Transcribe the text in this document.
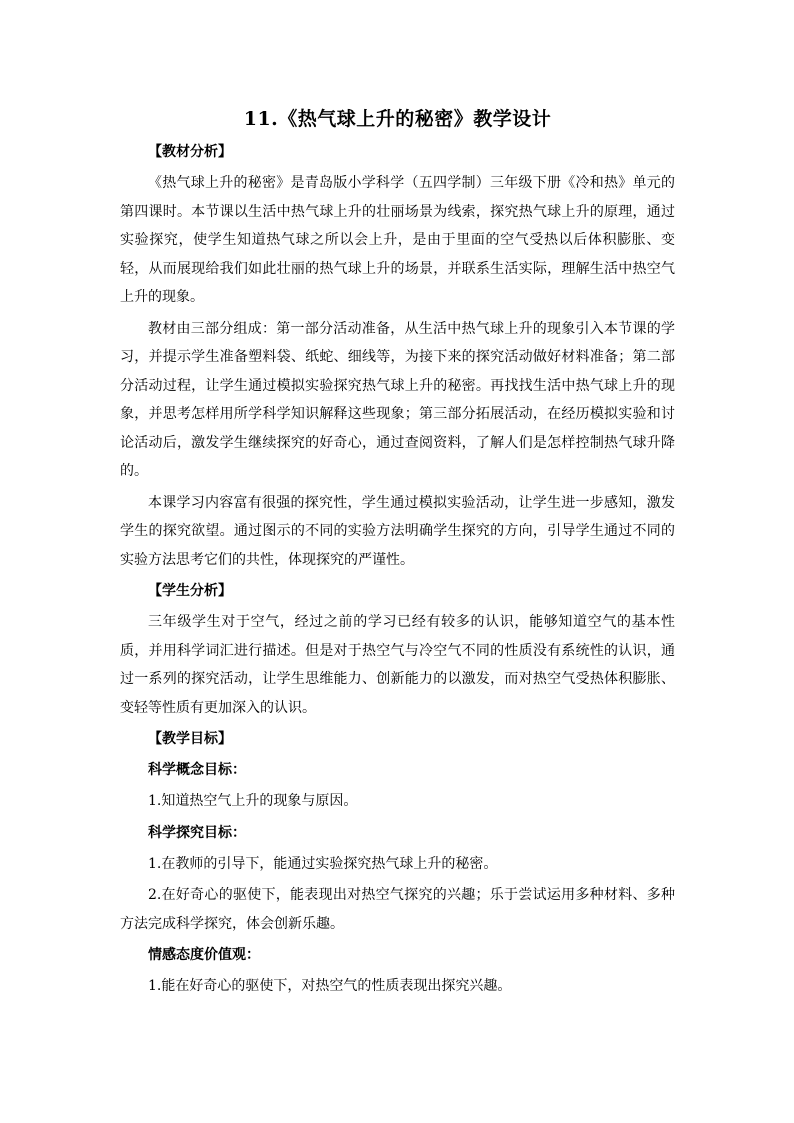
11.《热气球上升的秘密》教学设计
【教材分析】

《热气球上升的秘密》是青岛版小学科学（五四学制）三年级下册《冷和热》单元的第四课时。本节课以生活中热气球上升的壮丽场景为线索，探究热气球上升的原理，通过实验探究，使学生知道热气球之所以会上升，是由于里面的空气受热以后体积膨胀、变轻，从而展现给我们如此壮丽的热气球上升的场景，并联系生活实际，理解生活中热空气上升的现象。

教材由三部分组成：第一部分活动准备，从生活中热气球上升的现象引入本节课的学习，并提示学生准备塑料袋、纸蛇、细线等，为接下来的探究活动做好材料准备；第二部分活动过程，让学生通过模拟实验探究热气球上升的秘密。再找找生活中热气球上升的现象，并思考怎样用所学科学知识解释这些现象；第三部分拓展活动，在经历模拟实验和讨论活动后，激发学生继续探究的好奇心，通过查阅资料，了解人们是怎样控制热气球升降的。

本课学习内容富有很强的探究性，学生通过模拟实验活动，让学生进一步感知，激发学生的探究欲望。通过图示的不同的实验方法明确学生探究的方向，引导学生通过不同的实验方法思考它们的共性，体现探究的严谨性。

【学生分析】

三年级学生对于空气，经过之前的学习已经有较多的认识，能够知道空气的基本性质，并用科学词汇进行描述。但是对于热空气与冷空气不同的性质没有系统性的认识，通过一系列的探究活动，让学生思维能力、创新能力的以激发，而对热空气受热体积膨胀、变轻等性质有更加深入的认识。

【教学目标】
科学概念目标：

1.知道热空气上升的现象与原因。

科学探究目标：

1.在教师的引导下，能通过实验探究热气球上升的秘密。

2.在好奇心的驱使下，能表现出对热空气探究的兴趣；乐于尝试运用多种材料、多种方法完成科学探究，体会创新乐趣。

情感态度价值观：

1.能在好奇心的驱使下，对热空气的性质表现出探究兴趣。
